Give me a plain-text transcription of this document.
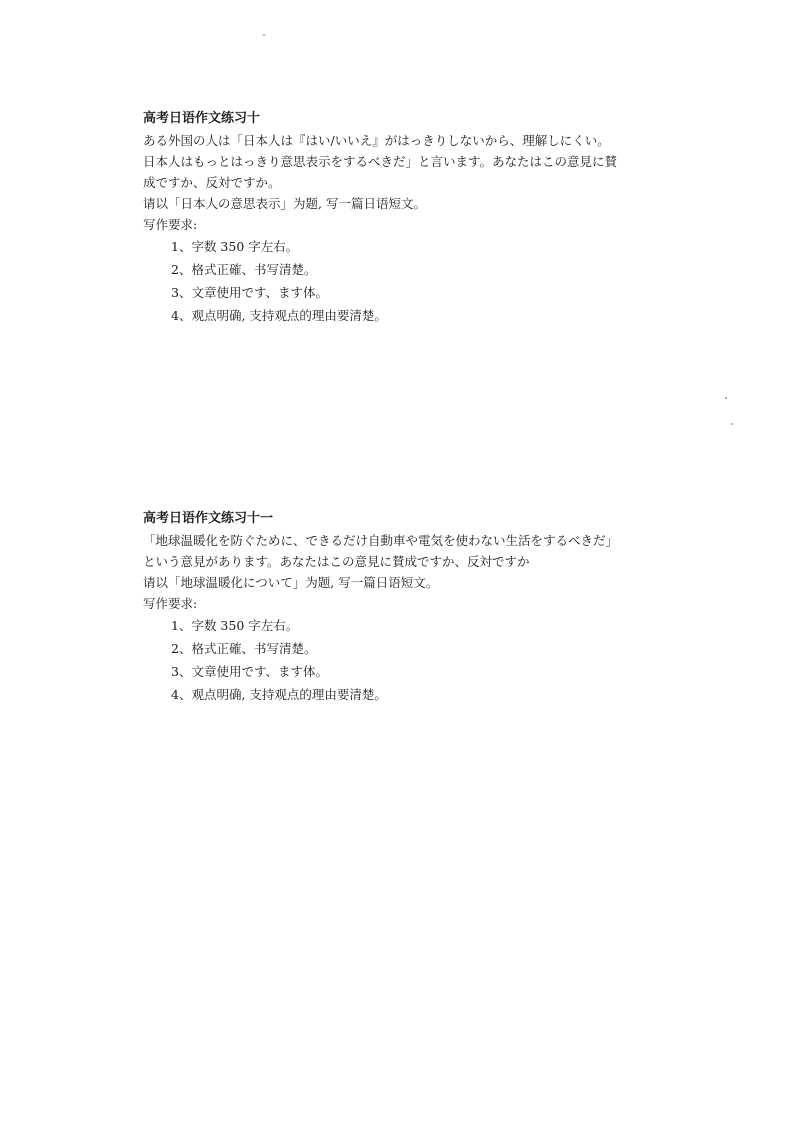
高考日语作文练习十
ある外国の人は「日本人は『はい/いいえ』がはっきりしないから、理解しにくい。
日本人はもっとはっきり意思表示をするべきだ」と言います。あなたはこの意見に賛
成ですか、反対ですか。
请以「日本人の意思表示」为题, 写一篇日语短文。
写作要求:
1、字数 350 字左右。
2、格式正確、书写清楚。
3、文章使用です、ます体。
4、观点明确, 支持观点的理由要清楚。
高考日语作文练习十一
「地球温暖化を防ぐために、できるだけ自動車や電気を使わない生活をするべきだ」
という意見があります。あなたはこの意見に賛成ですか、反対ですか
请以「地球温暖化について」为题, 写一篇日语短文。
写作要求:
1、字数 350 字左右。
2、格式正確、书写清楚。
3、文章使用です、ます体。
4、观点明确, 支持观点的理由要清楚。
